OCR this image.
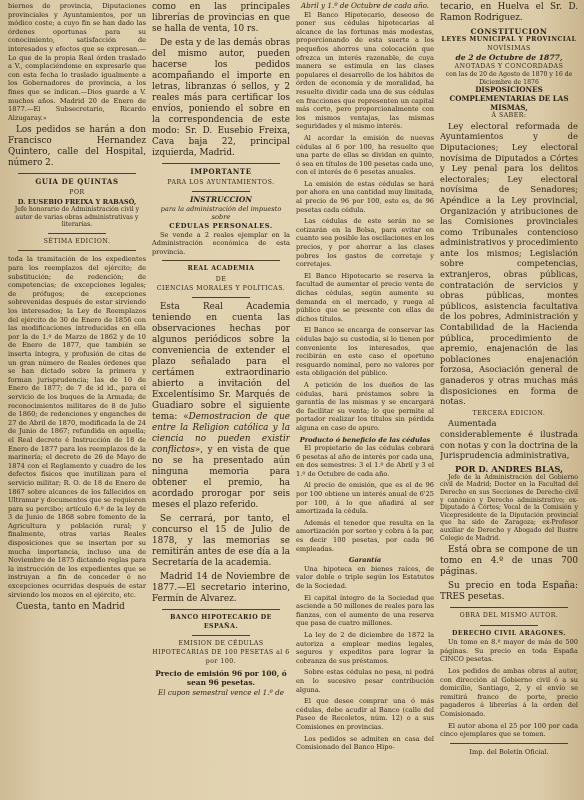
biernos de provincia, Diputaciones provinciales y Ayuntamientos, por un módico coste; a cuyo fin se han dado las órdenes oportunas para su conocimiento, satisfacción de interesados y efectos que se expresan.— Lo que de la propia Real órden traslado a V., complaciéndome en expresarle que con esta fecha lo traslado igualmente a los Gobernadores de provincia, a los fines que se indican.—Dios guarde a V. muchos años. Madrid 20 de Enero de 1877.—El Subsecretario, Ricardo Alzugaray.»

Los pedidos se harán a don Francisco Hernandez Quintero, calle del Hospital, número 2.

GUIA DE QUINTAS
POR
D. EUSEBIO FREIXA Y RABASÓ,
Jefe honorario de Administración civil y autor de varias obras administrativas y literarias.
SÉTIMA EDICION.

toda la tramitación de los expedientes para los reemplazos del ejército; de substitución; de redención; de competencias; de excepciones legales; de prófugos; de excepciones sobrevenidas después de estar sirviendo los interesados; la Ley de Reemplazos del ejército de 30 de Enero de 1856 con las modificaciones introducidas en ella por la de 1.º de Marzo de 1862 y de 10 de Enero de 1877, que también se inserta íntegra, y profusión de citas de un gran número de Reales órdenes que se han dictado sobre la primera y forman jurisprudencia; las de 10 de Enero de 1877; de 7 de id id., para el servicio de los buques de la Armada; de reconocimientos militares de 8 de Julio de 1860; de redenciones y enganches de 27 de Abril de 1870, modificada la de 24 de Junio de 1867; refundida en aquella; el Real decreto é Instrucción de 18 de Enero de 1877 para los reemplazos de la marinería; el decreto de 26 de Mayo de 1874 con el Reglamento y cuadro de los defectos físicos que inutilizan para el servicio militar; R. O. de 18 de Enero de 1867 sobre alcances de los fallecidos en Ultramar y documentos que se requieren para su percibo; artículo 6.º de la ley de 3 de Junio de 1868 sobre fomento de la Agricultura y población rural; y finalmente, otras varias Reales disposiciones que se insertan por su mucha importancia, incluso una de Noviembre de 1875 dictando reglas para la instrucción de los expedientes que se instruyan a fin de conceder ó no excepciones ocurridas después de estar sirviendo los mozos en el ejército, etc.

Cuesta, tanto en Madrid

como en las principales librerías de provincias en que se halla de venta, 10 rs.

De esta y de las demás obras del mismo autor, pueden hacerse los pedidos acompañando el importe en letras, libranzas ó sellos, y 2 reales más para certificar los envíos, poniendo el sobre en la correspondencia de este modo: Sr. D. Eusebio Freixa, Cava baja 22, principal izquierda, Madrid.

IMPORTANTE
PARA LOS AYUNTAMIENTOS.
INSTRUCCION
para la administración del impuesto sobre
CÉDULAS PERSONALES.

Se vende a 2 reales ejemplar en la Administración económica de esta provincia.

REAL ACADEMIA
DE
CIENCIAS MORALES Y POLÍTICAS.

Esta Real Academia teniendo en cuenta las observaciones hechas por algunos periódicos sobre la conveniencia de extender el plazo señalado para el certámen extraordinario abierto a invitación del Excelentísimo Sr. Marqués de Guadiaro sobre el siguiente tema: «Demostracion de que entre la Religion católica y la ciencia no pueden existir conflictos», y en vista de que no se ha presentado aún ninguna memoria para obtener el premio, ha acordado prorogar por seis meses el plazo referido.

Se cerrará, por tanto, el concurso el 15 de Julio de 1878, y las memorias se remitirán antes de ese día a la Secretaría de la academia.

Madrid 14 de Noviembre de 1877.—El secretario interino, Fermín de Alvarez.

BANCO HIPOTECARIO DE ESPAÑA.
EMISION DE CÉDULAS HIPOTECARIAS DE 100 PESETAS al 6 por 100.
Precio de emisión 96 por 100, ó sean 96 pesetas.
El cupon semestral vence el 1.º de
Abril y 1.º de Octubre de cada año.

El Banco Hipotecario, deseoso de poner sus cédulas hipotecarias al alcance de las fortunas más modestas, proporcionando de esta suerte a los pequeños ahorros una colocación que ofrezca un interés razonable, de cuya manera se estimula en las clases populares el desarrollo de los hábitos de órden de economía y de moralidad, ha resuelto dividir cada una de sus cédulas en fracciones que representen un capital más corto, pero proporcionalmente con los mismos ventajas, las mismas seguridades y el mismo interés.

Al acordar la emisión de nuevas cédulas al 6 por 100, ha resuelto que una parte de ellas se dividan en quinto, ó sea en títulos de 100 pesetas cada uno, con el interés de 6 pesetas anuales.

La emisión de estas cédulas se hará por ahora en una cantidad muy limitada, al precio de 96 por 100, esto es, de 96 pesetas cada cédula.

Las cédulas de este serán no se cotizarán en la Bolsa, para evitar en cuanto sea posible las oscilaciones en los precios, y por ahorrar a las clases pobres los gastos de corretaje y corretajes.

El Banco Hipotecario se reserva la facultad de aumentar el precio venta de dichas cédulas, según aumente su demanda en el mercado, y ruega al público que se presente con ellas de dichos títulos.

El Banco se encarga de conservar las cédulas bajo su custodia, si lo tienen por conveniente los interesados, que recibirán en este caso el oportuno resguardo nominal, pero no valores por esta obligación del público.

A petición de los dueños de las cédulas, hará préstamos sobre la garantía de las mismas y se encargará de facilitar su venta; lo que permite al portador realizar los títulos sin pérdida alguna en caso de apuro.

Producto ó beneficio de las cédulas

El propietario de las cédulas cobrará 6 pesetas al año de interés por cada una, en dos semestres: 3 el 1.º de Abril y 3 el 1.º de Octubre de cada año.

Al precio de emisión, que es el de 96 por 100 obtiene un interés anual de 6'25 por 100, á lo que añadirá al ser amortizada la cédula.

Además el tenedor que resulta en la amortización por sorteo y cobra á la par, es decir 100 pesetas, por cada 96 empleadas.

Garantía

Una hipoteca en bienes raíces, de valor doble o triple según los Estatutos de la Sociedad.

El capital íntegro de la Sociedad que asciende a 50 millones de reales para las fianzas, con el aumento de una reserva que pasa de cuatro millones.

La ley de 2 de diciembre de 1872 la autoriza a emplear medios legales, seguros y expeditos para lograr la cobranza de sus préstamos.

Sobre estas cédulas no pesa, ni podrá en lo sucesivo pesar contribución alguna.

El que desee comprar una ó más cédulas, debe acudir al Banco (calle del Paseo de Recoletos, núm. 12) o a sus Comisiones en provincias.

Los pedidos se admiten en casa del Comisionado del Banco Hipo-

tecario, en Huelva el Sr. D. Ramon Rodriguez.

CONSTITUCION
LEYES MUNICIPAL Y PROVINCIAL
NOVÍSIMAS
de 2 de Octubre de 1877,
ANOTADAS Y CONCORDADAS
con las de 20 de Agosto de 1870 y 16 de Diciembre de 1876
DISPOSICIONES COMPLEMENTARIAS DE LAS MISMAS,
Á SABER:

Ley electoral reformada de Ayuntamientos y de Diputaciones; Ley electoral novísima de Diputados a Córtes y Ley penal para los delitos electorales; Ley electoral novísima de Senadores; Apéndice a la Ley provincial, Organización y atribuciones de las Comisiones provinciales como Tribunales contencioso administrativos y procedimiento ante los mismos; Legislación sobre competencias, extranjeros, obras públicas, contratación de servicios y obras públicas, montes públicos, asistencia facultativa de los pobres, Administración y Contabilidad de la Hacienda pública, procedimiento de apremio, enajenación de las poblaciones enajenación forzosa, Asociación general de ganaderos y otras muchas más disposiciones en forma de notas.

TERCERA EDICION.

Aumentada considerablemente é ilustrada con notas y con la doctrina de la Jurisprudencia administrativa,

POR D. ANDRES BLAS,

Jefe de la Administración del Gobierno civil de Madrid; Doctor en la Facultad del Derecho en sus Secciones de Derecho civil y canónico y Derecho administrativo; ex-Diputado á Córtes; Vocal de la Comisión y Vicepresidente de la Diputación provincial que ha sido de Zaragoza; ex-Profesor auxiliar de Derecho y Abogado del Ilustre Colegio de Madrid.

Está obra se compone de un tomo en 4.º de unas 700 páginas.

Su precio en toda España: TRES pesetas.

OBRA DEL MISMO AUTOR.
DERECHO CIVIL ARAGONES.

Un tomo en 8.º mayor de más de 500 páginas. Su precio en toda España CINCO pesetas.

Los pedidos de ambas obras al autor, con dirección al Gobierno civil ó a su domicilio, Santiago, 2, y el envío se remitirá franco de porte, precio pagaderos á librerías á la orden del Comisionado.

El autor abona el 25 por 100 por cada cinco ejemplares que se tomen.

Imp. del Boletín Oficial.
